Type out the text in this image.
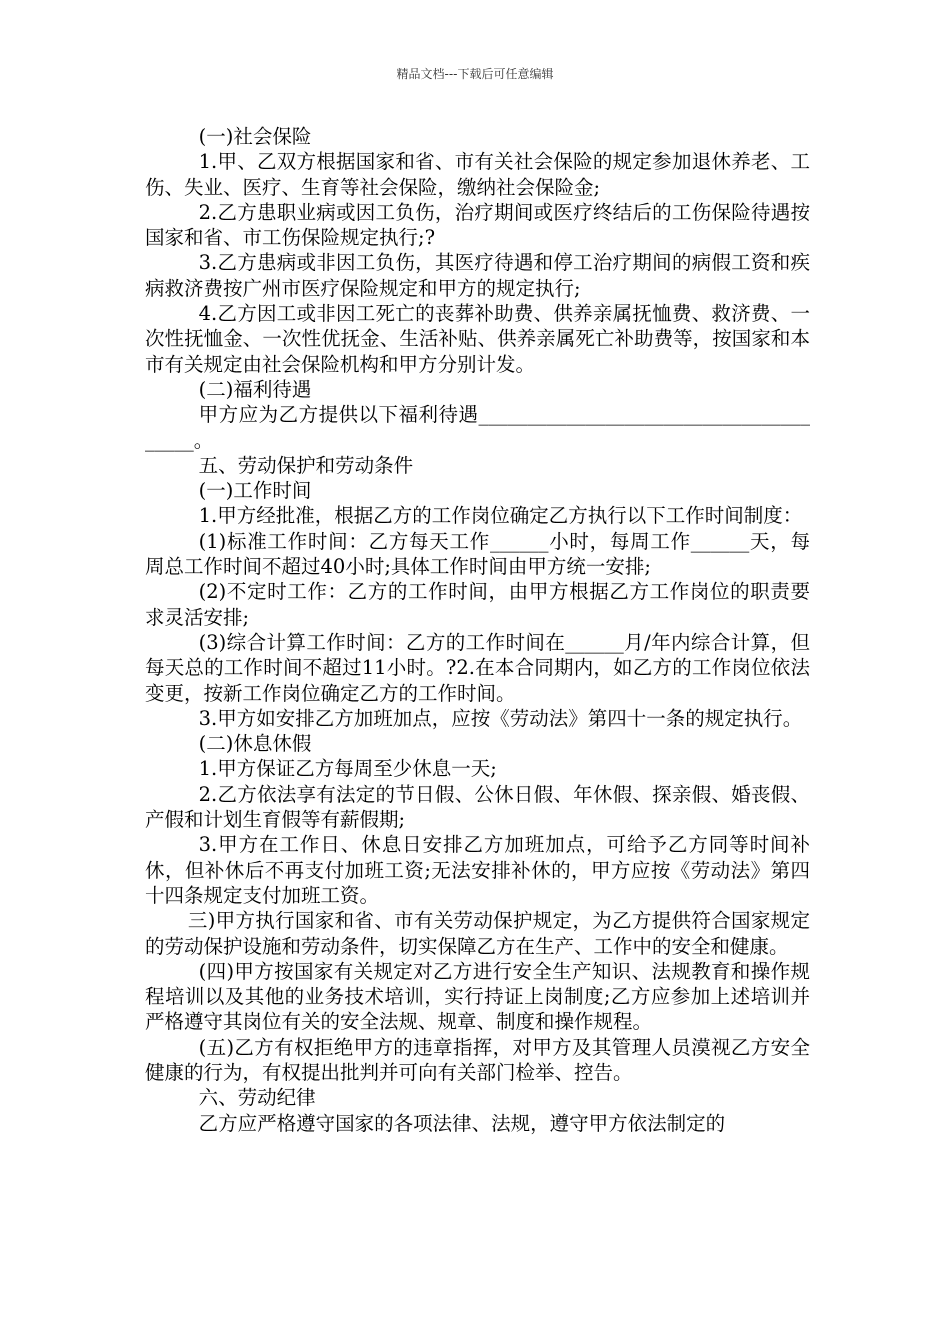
精品文档---下载后可任意编辑

(一)社会保险

1.甲、乙双方根据国家和省、市有关社会保险的规定参加退休养老、工伤、失业、医疗、生育等社会保险，缴纳社会保险金;

2.乙方患职业病或因工负伤，治疗期间或医疗终结后的工伤保险待遇按国家和省、市工伤保险规定执行;?

3.乙方患病或非因工负伤，其医疗待遇和停工治疗期间的病假工资和疾病救济费按广州市医疗保险规定和甲方的规定执行;

4.乙方因工或非因工死亡的丧葬补助费、供养亲属抚恤费、救济费、一次性抚恤金、一次性优抚金、生活补贴、供养亲属死亡补助费等，按国家和本市有关规定由社会保险机构和甲方分别计发。

(二)福利待遇

甲方应为乙方提供以下福利待遇_______________________________________。

五、劳动保护和劳动条件

(一)工作时间

1.甲方经批准，根据乙方的工作岗位确定乙方执行以下工作时间制度：

(1)标准工作时间：乙方每天工作______小时，每周工作______天，每周总工作时间不超过40小时;具体工作时间由甲方统一安排;

(2)不定时工作：乙方的工作时间，由甲方根据乙方工作岗位的职责要求灵活安排;

(3)综合计算工作时间：乙方的工作时间在______月/年内综合计算，但每天总的工作时间不超过11小时。?2.在本合同期内，如乙方的工作岗位依法变更，按新工作岗位确定乙方的工作时间。

3.甲方如安排乙方加班加点，应按《劳动法》第四十一条的规定执行。

(二)休息休假

1.甲方保证乙方每周至少休息一天;

2.乙方依法享有法定的节日假、公休日假、年休假、探亲假、婚丧假、产假和计划生育假等有薪假期;

3.甲方在工作日、休息日安排乙方加班加点，可给予乙方同等时间补休，但补休后不再支付加班工资;无法安排补休的，甲方应按《劳动法》第四十四条规定支付加班工资。

三)甲方执行国家和省、市有关劳动保护规定，为乙方提供符合国家规定的劳动保护设施和劳动条件，切实保障乙方在生产、工作中的安全和健康。

(四)甲方按国家有关规定对乙方进行安全生产知识、法规教育和操作规程培训以及其他的业务技术培训，实行持证上岗制度;乙方应参加上述培训并严格遵守其岗位有关的安全法规、规章、制度和操作规程。

(五)乙方有权拒绝甲方的违章指挥，对甲方及其管理人员漠视乙方安全健康的行为，有权提出批判并可向有关部门检举、控告。

六、劳动纪律

乙方应严格遵守国家的各项法律、法规，遵守甲方依法制定的
